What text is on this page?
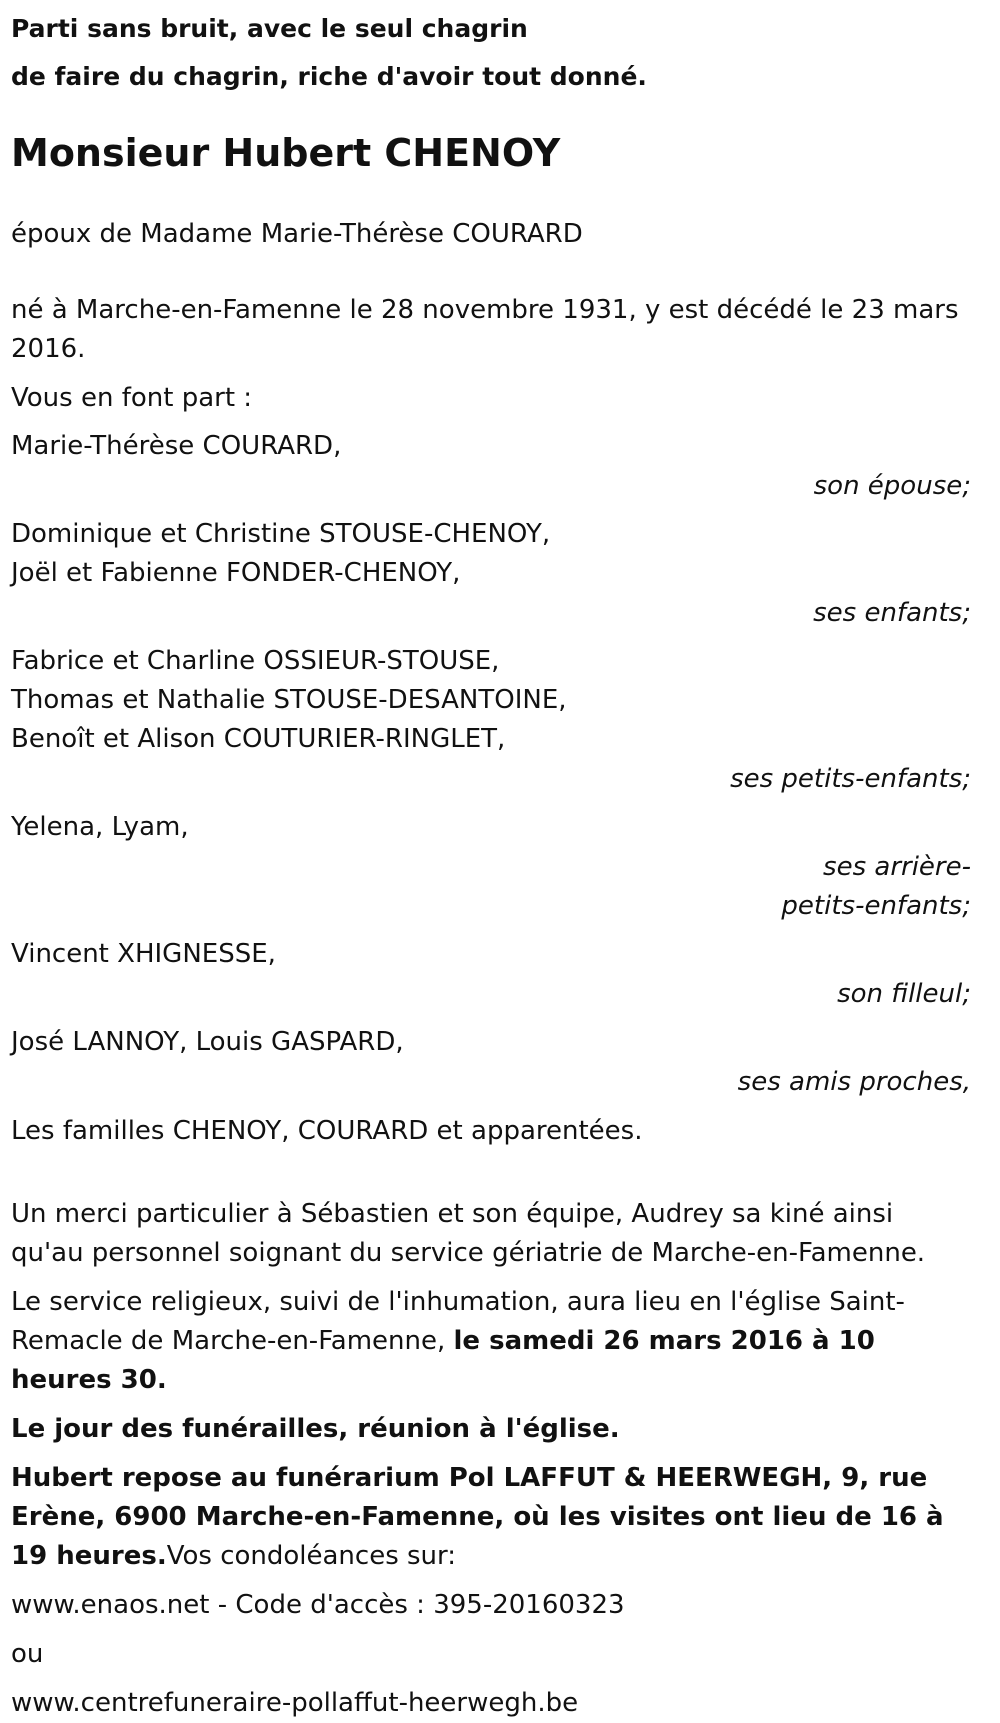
Parti sans bruit, avec le seul chagrin

de faire du chagrin, riche d'avoir tout donné.

Monsieur Hubert CHENOY

époux de Madame Marie-Thérèse COURARD

né à Marche-en-Famenne le 28 novembre 1931, y est décédé le 23 mars 2016.

Vous en font part :

Marie-Thérèse COURARD,

son épouse;

Dominique et Christine STOUSE-CHENOY,

Joël et Fabienne FONDER-CHENOY,

ses enfants;

Fabrice et Charline OSSIEUR-STOUSE,

Thomas et Nathalie STOUSE-DESANTOINE,

Benoît et Alison COUTURIER-RINGLET,

ses petits-enfants;

Yelena, Lyam,

ses arrière-petits-enfants;

Vincent XHIGNESSE,

son filleul;

José LANNOY, Louis GASPARD,

ses amis proches,

Les familles CHENOY, COURARD et apparentées.

Un merci particulier à Sébastien et son équipe, Audrey sa kiné ainsi qu'au personnel soignant du service gériatrie de Marche-en-Famenne.

Le service religieux, suivi de l'inhumation, aura lieu en l'église Saint-Remacle de Marche-en-Famenne, le samedi 26 mars 2016 à 10 heures 30.

Le jour des funérailles, réunion à l'église.

Hubert repose au funérarium Pol LAFFUT & HEERWEGH, 9, rue Erène, 6900 Marche-en-Famenne, où les visites ont lieu de 16 à 19 heures.Vos condoléances sur:

www.enaos.net - Code d'accès : 395-20160323

ou

www.centrefuneraire-pollaffut-heerwegh.be
